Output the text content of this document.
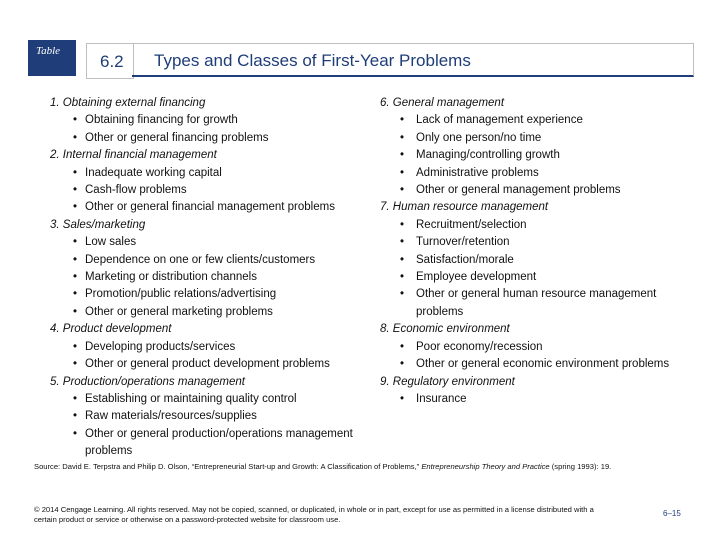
Table
6.2 Types and Classes of First-Year Problems
1. Obtaining external financing
• Obtaining financing for growth
• Other or general financing problems
2. Internal financial management
• Inadequate working capital
• Cash-flow problems
• Other or general financial management problems
3. Sales/marketing
• Low sales
• Dependence on one or few clients/customers
• Marketing or distribution channels
• Promotion/public relations/advertising
• Other or general marketing problems
4. Product development
• Developing products/services
• Other or general product development problems
5. Production/operations management
• Establishing or maintaining quality control
• Raw materials/resources/supplies
• Other or general production/operations management problems
6. General management
• Lack of management experience
• Only one person/no time
• Managing/controlling growth
• Administrative problems
• Other or general management problems
7. Human resource management
• Recruitment/selection
• Turnover/retention
• Satisfaction/morale
• Employee development
• Other or general human resource management problems
8. Economic environment
• Poor economy/recession
• Other or general economic environment problems
9. Regulatory environment
• Insurance
Source: David E. Terpstra and Philip D. Olson, “Entrepreneurial Start-up and Growth: A Classification of Problems,” Entrepreneurship Theory and Practice (spring 1993): 19.
© 2014 Cengage Learning. All rights reserved. May not be copied, scanned, or duplicated, in whole or in part, except for use as permitted in a license distributed with a certain product or service or otherwise on a password-protected website for classroom use.
6–15
